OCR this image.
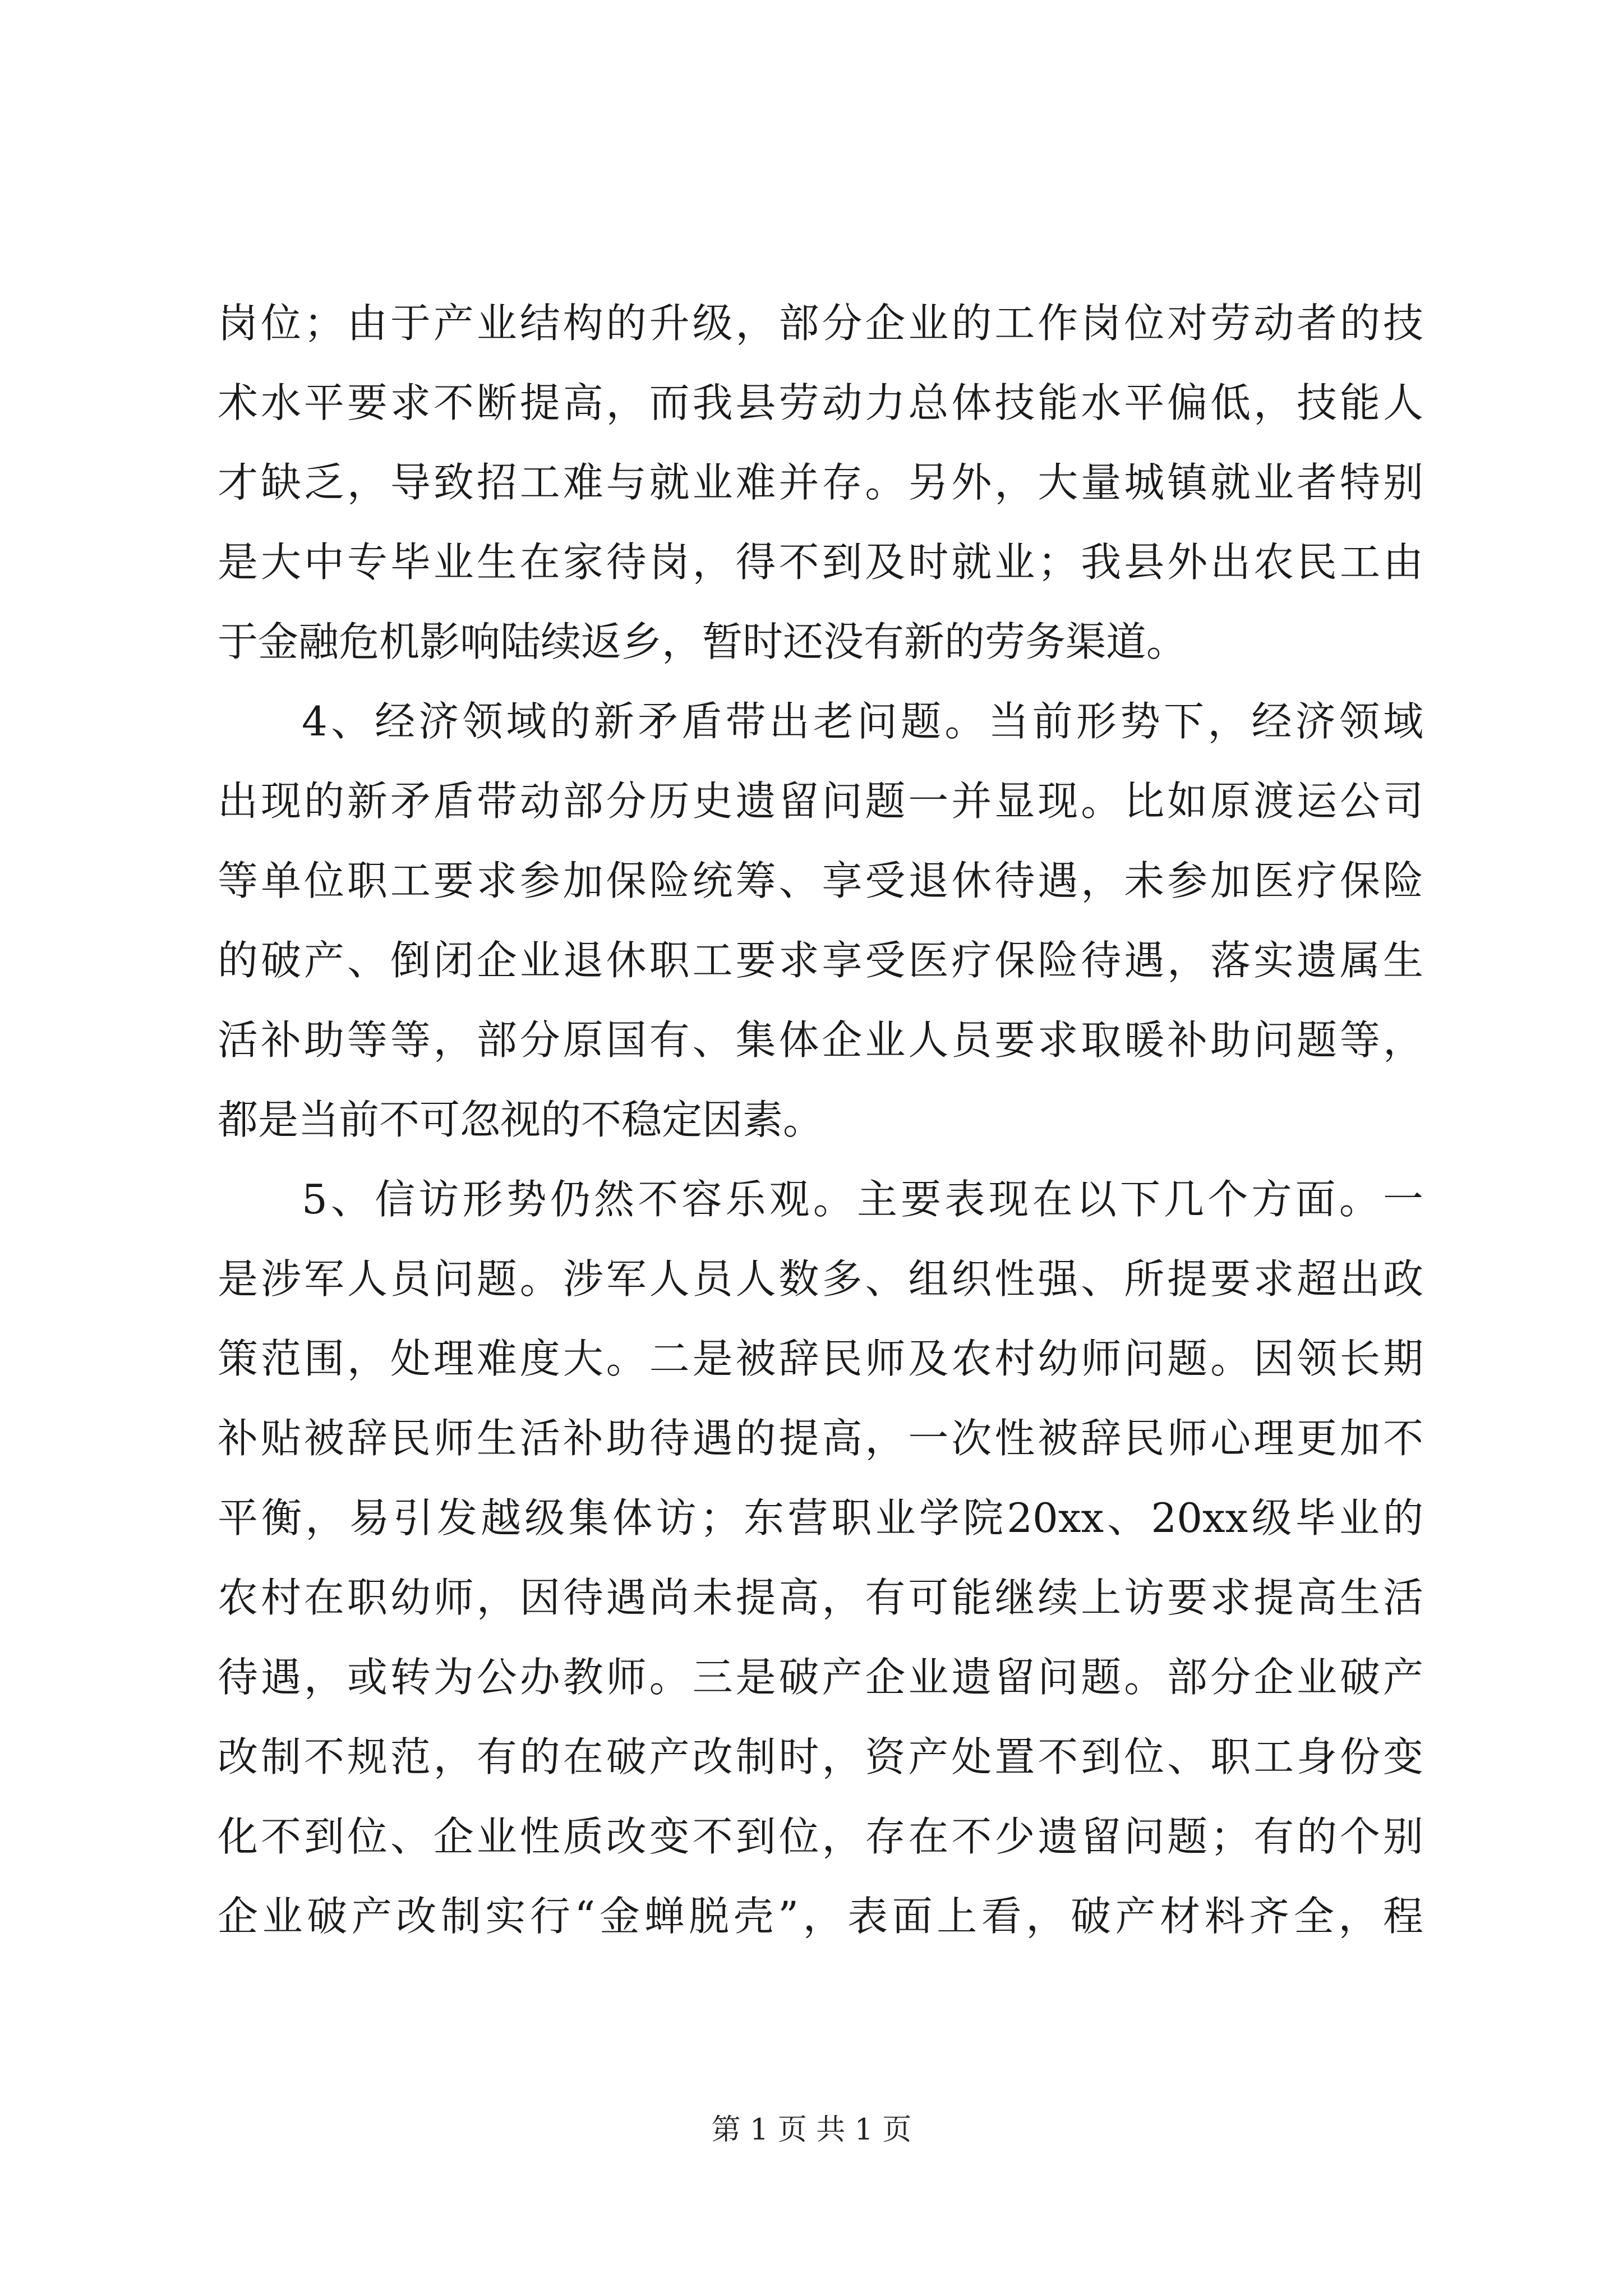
岗位；由于产业结构的升级，部分企业的工作岗位对劳动者的技
术水平要求不断提高，而我县劳动力总体技能水平偏低，技能人
才缺乏，导致招工难与就业难并存。另外，大量城镇就业者特别
是大中专毕业生在家待岗，得不到及时就业；我县外出农民工由
于金融危机影响陆续返乡，暂时还没有新的劳务渠道。
4、经济领域的新矛盾带出老问题。当前形势下，经济领域
出现的新矛盾带动部分历史遗留问题一并显现。比如原渡运公司
等单位职工要求参加保险统筹、享受退休待遇，未参加医疗保险
的破产、倒闭企业退休职工要求享受医疗保险待遇，落实遗属生
活补助等等，部分原国有、集体企业人员要求取暖补助问题等，
都是当前不可忽视的不稳定因素。
5、信访形势仍然不容乐观。主要表现在以下几个方面。一
是涉军人员问题。涉军人员人数多、组织性强、所提要求超出政
策范围，处理难度大。二是被辞民师及农村幼师问题。因领长期
补贴被辞民师生活补助待遇的提高，一次性被辞民师心理更加不
平衡，易引发越级集体访；东营职业学院20xx、20xx级毕业的
农村在职幼师，因待遇尚未提高，有可能继续上访要求提高生活
待遇，或转为公办教师。三是破产企业遗留问题。部分企业破产
改制不规范，有的在破产改制时，资产处置不到位、职工身份变
化不到位、企业性质改变不到位，存在不少遗留问题；有的个别
企业破产改制实行“金蝉脱壳”，表面上看，破产材料齐全，程
第 1 页 共 1 页
